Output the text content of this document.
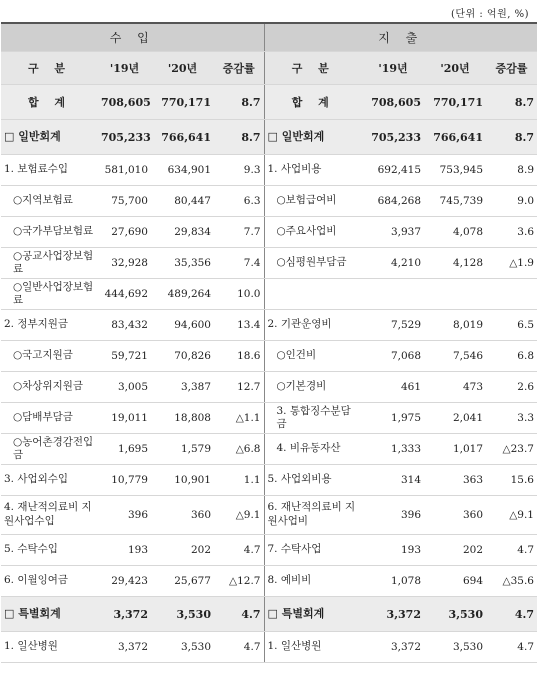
(단위 : 억원, %)
수 입				지 출			
구 분	'19년	'20년	증감률	구 분	'19년	'20년	증감률
합 계	708,605	770,171	8.7	합 계	708,605	770,171	8.7
□ 일반회계	705,233	766,641	8.7	□ 일반회계	705,233	766,641	8.7
1. 보험료수입	581,010	634,901	9.3	1. 사업비용	692,415	753,945	8.9
○지역보험료	75,700	80,447	6.3	○보험급여비	684,268	745,739	9.0
○국가부담보험료	27,690	29,834	7.7	○주요사업비	3,937	4,078	3.6
○공교사업장보험료	32,928	35,356	7.4	○심평원부담금	4,210	4,128	△1.9
○일반사업장보험료	444,692	489,264	10.0				
2. 정부지원금	83,432	94,600	13.4	2. 기관운영비	7,529	8,019	6.5
○국고지원금	59,721	70,826	18.6	○인건비	7,068	7,546	6.8
○차상위지원금	3,005	3,387	12.7	○기본경비	461	473	2.6
○담배부담금	19,011	18,808	△1.1	3. 통합징수분담금	1,975	2,041	3.3
○농어촌경감전입금	1,695	1,579	△6.8	4. 비유동자산	1,333	1,017	△23.7
3. 사업외수입	10,779	10,901	1.1	5. 사업외비용	314	363	15.6
4. 재난적의료비 지원사업수입	396	360	△9.1	6. 재난적의료비 지원사업비	396	360	△9.1
5. 수탁수입	193	202	4.7	7. 수탁사업	193	202	4.7
6. 이월잉여금	29,423	25,677	△12.7	8. 예비비	1,078	694	△35.6
□ 특별회계	3,372	3,530	4.7	□ 특별회계	3,372	3,530	4.7
1. 일산병원	3,372	3,530	4.7	1. 일산병원	3,372	3,530	4.7
